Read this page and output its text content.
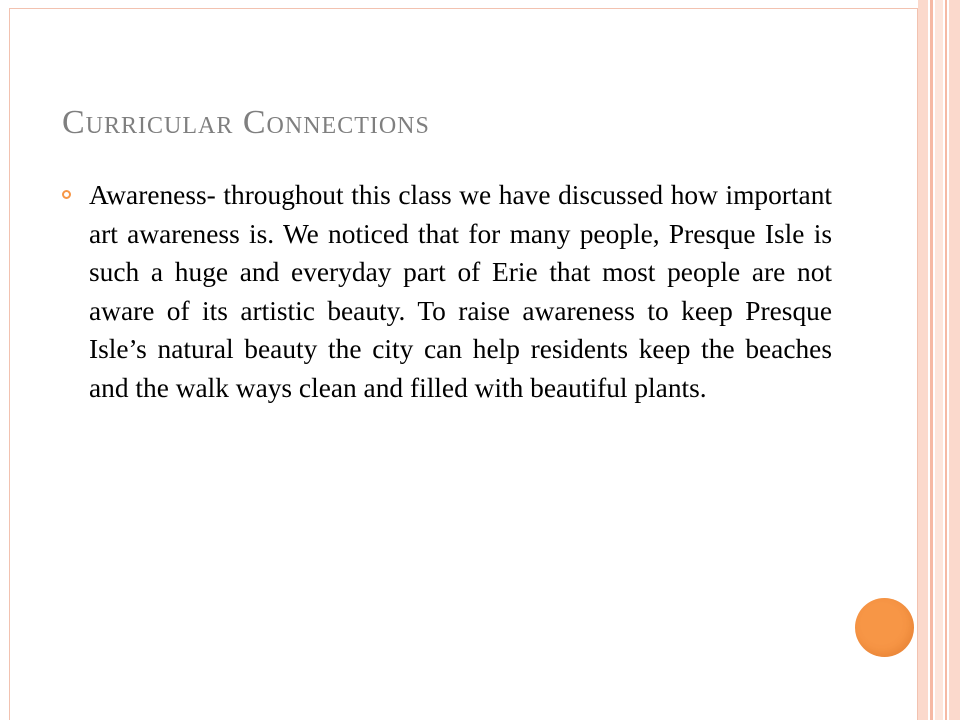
Curricular Connections

Awareness- throughout this class we have discussed how important art awareness is. We noticed that for many people, Presque Isle is such a huge and everyday part of Erie that most people are not aware of its artistic beauty. To raise awareness to keep Presque Isle’s natural beauty the city can help residents keep the beaches and the walk ways clean and filled with beautiful plants.
